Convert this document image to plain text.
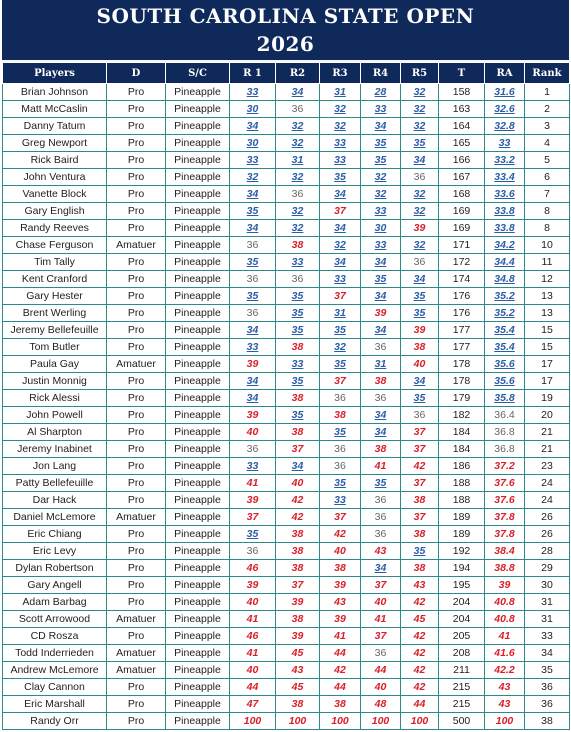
SOUTH CAROLINA STATE OPEN
2026
Players	D	S/C	R 1	R2	R3	R4	R5	T	RA	Rank
Brian Johnson	Pro	Pineapple	33	34	31	28	32	158	31.6	1
Matt McCaslin	Pro	Pineapple	30	36	32	33	32	163	32.6	2
Danny Tatum	Pro	Pineapple	34	32	32	34	32	164	32.8	3
Greg Newport	Pro	Pineapple	30	32	33	35	35	165	33	4
Rick Baird	Pro	Pineapple	33	31	33	35	34	166	33.2	5
John Ventura	Pro	Pineapple	32	32	35	32	36	167	33.4	6
Vanette Block	Pro	Pineapple	34	36	34	32	32	168	33.6	7
Gary English	Pro	Pineapple	35	32	37	33	32	169	33.8	8
Randy Reeves	Pro	Pineapple	34	32	34	30	39	169	33.8	8
Chase Ferguson	Amatuer	Pineapple	36	38	32	33	32	171	34.2	10
Tim Tally	Pro	Pineapple	35	33	34	34	36	172	34.4	11
Kent Cranford	Pro	Pineapple	36	36	33	35	34	174	34.8	12
Gary Hester	Pro	Pineapple	35	35	37	34	35	176	35.2	13
Brent Werling	Pro	Pineapple	36	35	31	39	35	176	35.2	13
Jeremy Bellefeuille	Pro	Pineapple	34	35	35	34	39	177	35.4	15
Tom Butler	Pro	Pineapple	33	38	32	36	38	177	35.4	15
Paula Gay	Amatuer	Pineapple	39	33	35	31	40	178	35.6	17
Justin Monnig	Pro	Pineapple	34	35	37	38	34	178	35.6	17
Rick Alessi	Pro	Pineapple	34	38	36	36	35	179	35.8	19
John Powell	Pro	Pineapple	39	35	38	34	36	182	36.4	20
Al Sharpton	Pro	Pineapple	40	38	35	34	37	184	36.8	21
Jeremy Inabinet	Pro	Pineapple	36	37	36	38	37	184	36.8	21
Jon Lang	Pro	Pineapple	33	34	36	41	42	186	37.2	23
Patty Bellefeuille	Pro	Pineapple	41	40	35	35	37	188	37.6	24
Dar Hack	Pro	Pineapple	39	42	33	36	38	188	37.6	24
Daniel McLemore	Amatuer	Pineapple	37	42	37	36	37	189	37.8	26
Eric Chiang	Pro	Pineapple	35	38	42	36	38	189	37.8	26
Eric Levy	Pro	Pineapple	36	38	40	43	35	192	38.4	28
Dylan Robertson	Pro	Pineapple	46	38	38	34	38	194	38.8	29
Gary Angell	Pro	Pineapple	39	37	39	37	43	195	39	30
Adam Barbag	Pro	Pineapple	40	39	43	40	42	204	40.8	31
Scott Arrowood	Amatuer	Pineapple	41	38	39	41	45	204	40.8	31
CD Rosza	Pro	Pineapple	46	39	41	37	42	205	41	33
Todd Inderrieden	Amatuer	Pineapple	41	45	44	36	42	208	41.6	34
Andrew McLemore	Amatuer	Pineapple	40	43	42	44	42	211	42.2	35
Clay Cannon	Pro	Pineapple	44	45	44	40	42	215	43	36
Eric Marshall	Pro	Pineapple	47	38	38	48	44	215	43	36
Randy Orr	Pro	Pineapple	100	100	100	100	100	500	100	38
